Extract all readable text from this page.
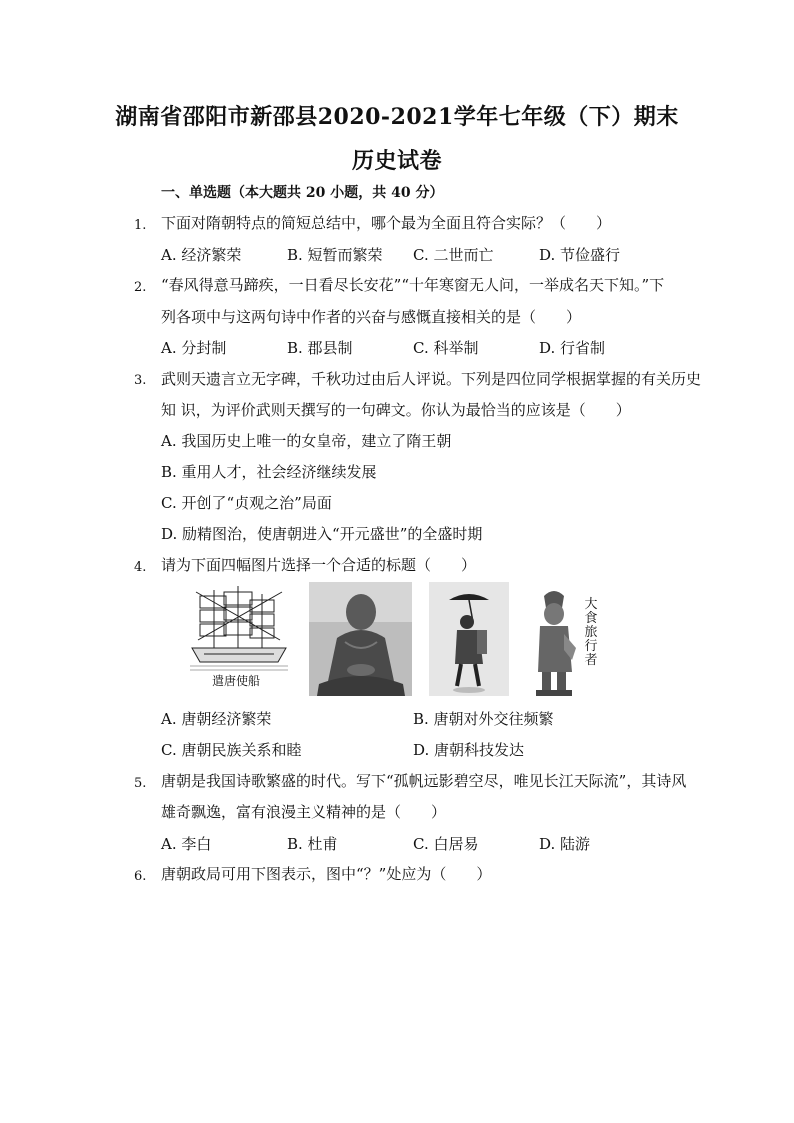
湖南省邵阳市新邵县2020-2021学年七年级（下）期末
历史试卷
一、单选题（本大题共 20 小题，共 40 分）
1. 下面对隋朝特点的简短总结中，哪个最为全面且符合实际？（　　）
A. 经济繁荣	B. 短暂而繁荣 C. 二世而亡	D. 节俭盛行
2. “春风得意马蹄疾，一日看尽长安花”“十年寒窗无人问，一举成名天下知。”下
列各项中与这两句诗中作者的兴奋与感慨直接相关的是（　　）
A. 分封制	B. 郡县制	C. 科举制	D. 行省制
3. 武则天遗言立无字碑，千秋功过由后人评说。下列是四位同学根据掌握的有关历史
知 识，为评价武则天撰写的一句碑文。你认为最恰当的应该是（　　）
A. 我国历史上唯一的女皇帝，建立了隋王朝
B. 重用人才，社会经济继续发展
C. 开创了“贞观之治”局面
D. 励精图治，使唐朝进入“开元盛世”的全盛时期
4. 请为下面四幅图片选择一个合适的标题（　　）
遣唐使船
大食旅行者
A. 唐朝经济繁荣	B. 唐朝对外交往频繁
C. 唐朝民族关系和睦	D. 唐朝科技发达
5. 唐朝是我国诗歌繁盛的时代。写下“孤帆远影碧空尽，唯见长江天际流”，其诗风
雄奇飘逸，富有浪漫主义精神的是（　　）
A. 李白	B. 杜甫	C. 白居易	D. 陆游
6. 唐朝政局可用下图表示，图中“？”处应为（　　）
